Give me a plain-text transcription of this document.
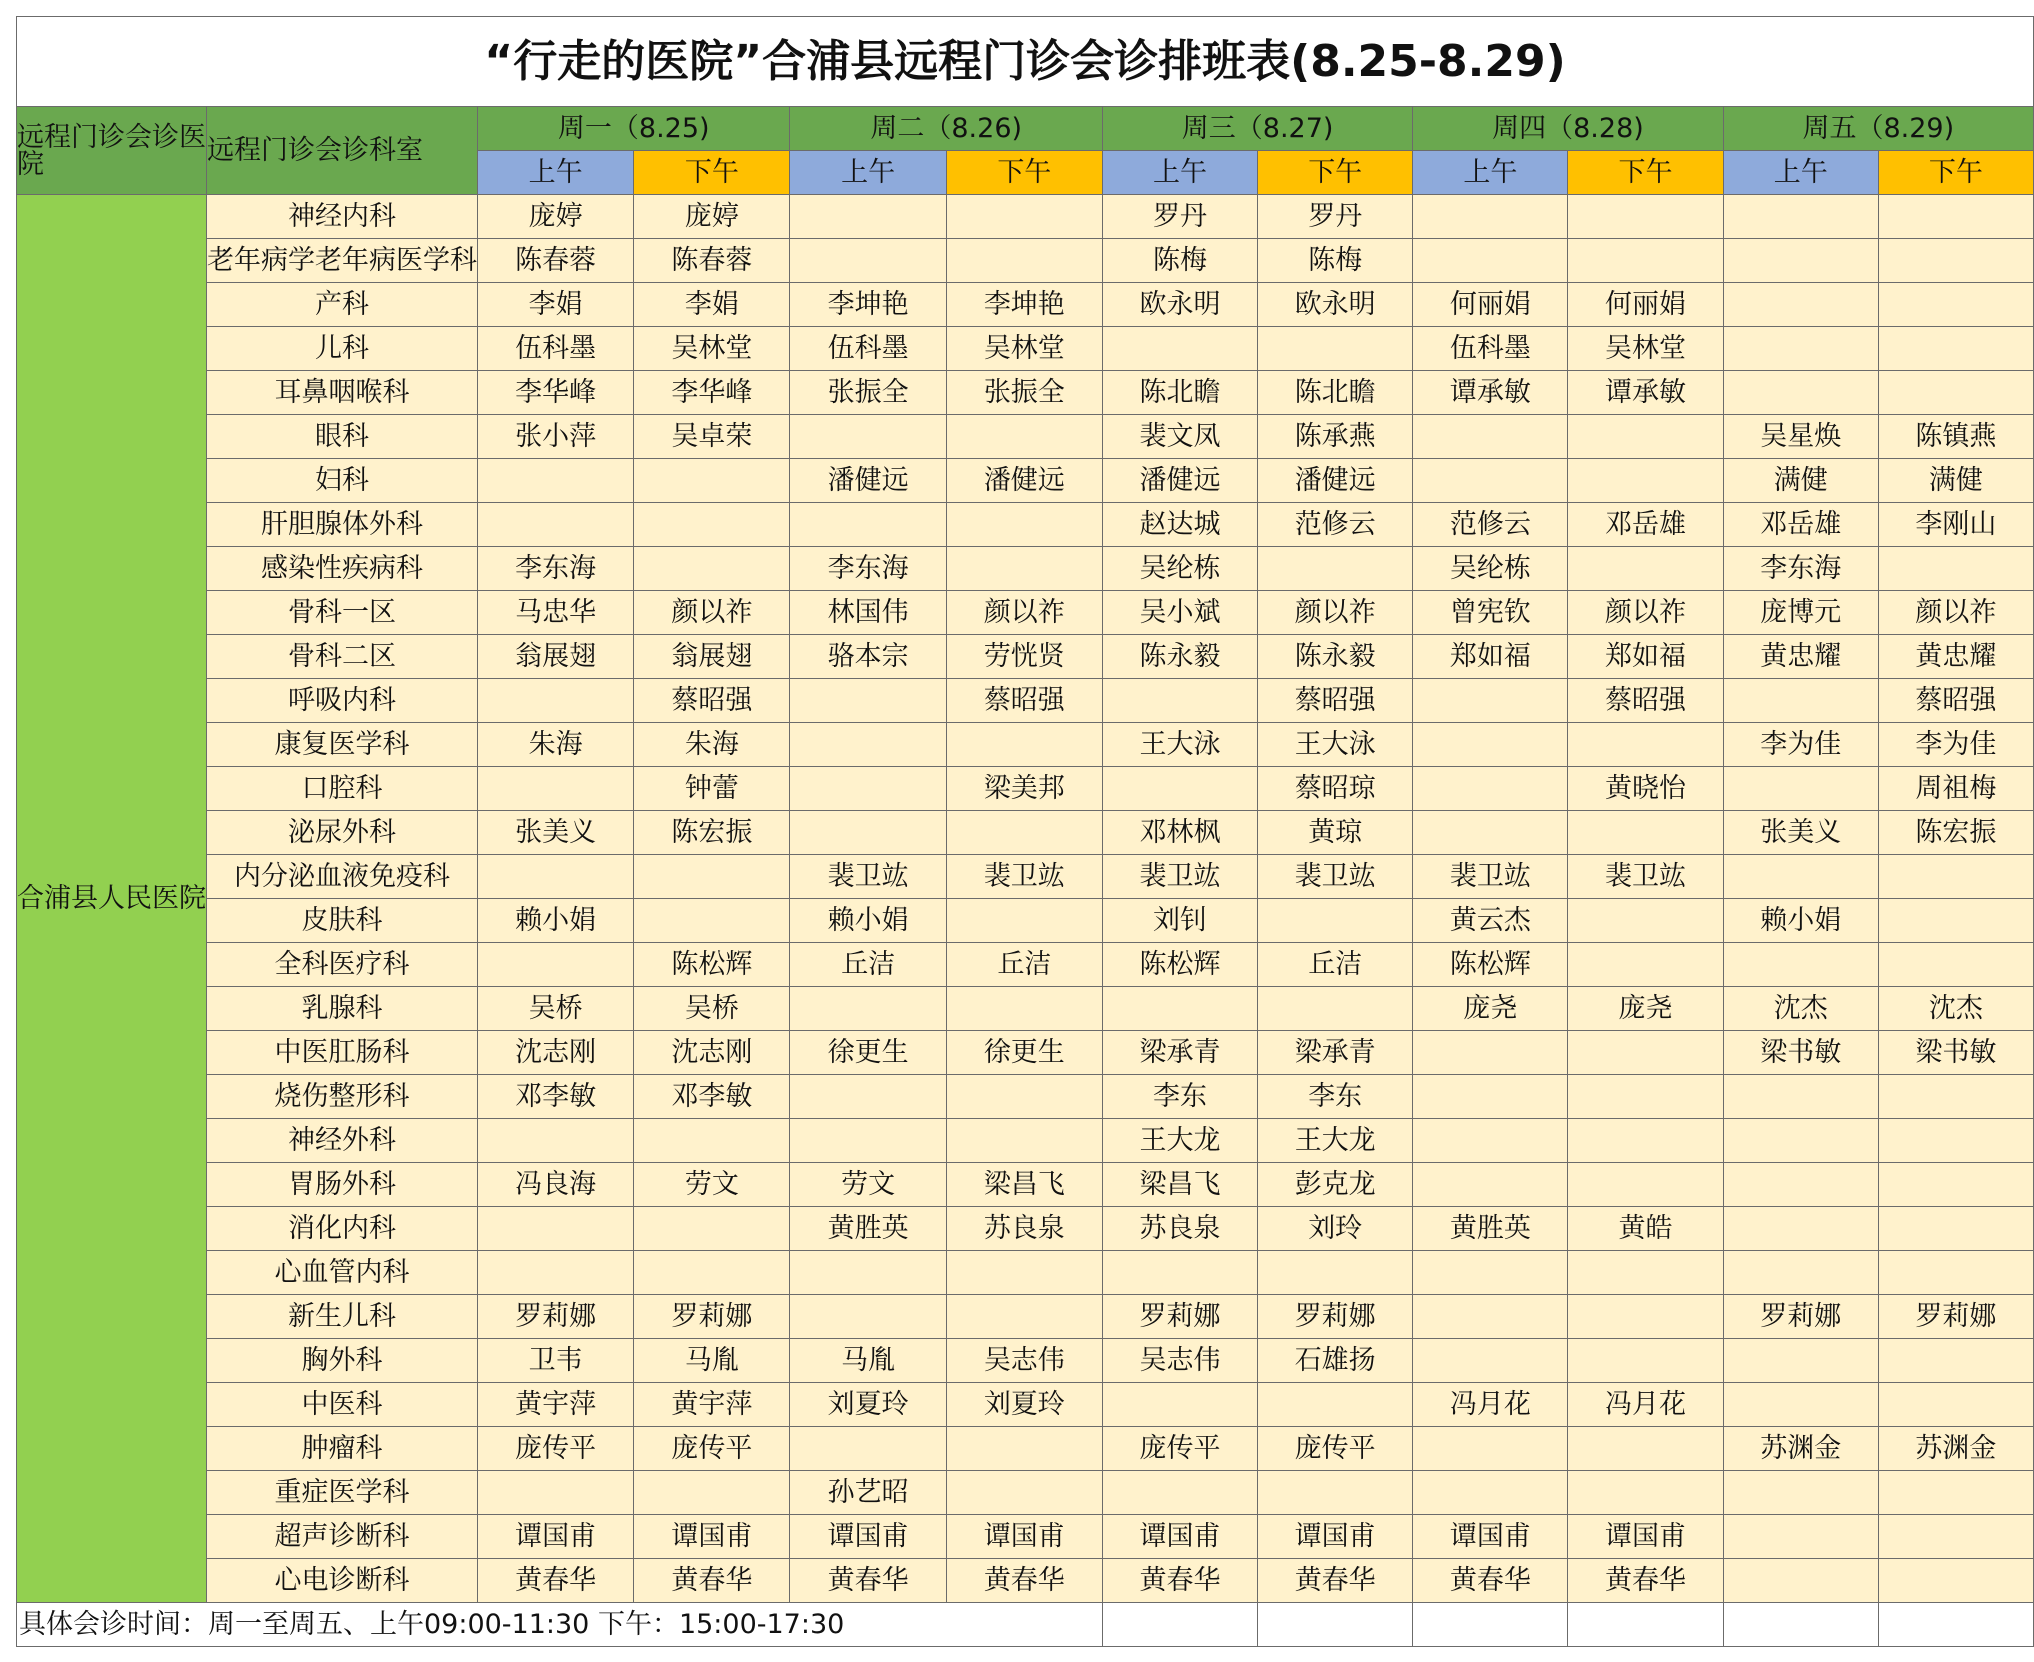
“行走的医院”合浦县远程门诊会诊排班表(8.25-8.29)											
远程门诊会诊医院	远程门诊会诊科室	周一（8.25)		周二（8.26)		周三（8.27)		周四（8.28)		周五（8.29)	
		上午	下午	上午	下午	上午	下午	上午	下午	上午	下午
合浦县人民医院	神经内科	庞婷	庞婷			罗丹	罗丹				

	老年病学老年病医学科	陈春蓉	陈春蓉			陈梅	陈梅				

	产科	李娟	李娟	李坤艳	李坤艳	欧永明	欧永明	何丽娟	何丽娟		

	儿科	伍科墨	吴林堂	伍科墨	吴林堂			伍科墨	吴林堂		

	耳鼻咽喉科	李华峰	李华峰	张振全	张振全	陈北瞻	陈北瞻	谭承敏	谭承敏		

	眼科	张小萍	吴卓荣			裴文凤	陈承燕			吴星焕	陈镇燕

	妇科			潘健远	潘健远	潘健远	潘健远			满健	满健

	肝胆腺体外科					赵达城	范修云	范修云	邓岳雄	邓岳雄	李刚山

	感染性疾病科	李东海		李东海		吴纶栋		吴纶栋		李东海	

	骨科一区	马忠华	颜以祚	林国伟	颜以祚	吴小斌	颜以祚	曾宪钦	颜以祚	庞博元	颜以祚

	骨科二区	翁展翅	翁展翅	骆本宗	劳恍贤	陈永毅	陈永毅	郑如福	郑如福	黄忠耀	黄忠耀

	呼吸内科		蔡昭强		蔡昭强		蔡昭强		蔡昭强		蔡昭强

	康复医学科	朱海	朱海			王大泳	王大泳			李为佳	李为佳

	口腔科		钟蕾		梁美邦		蔡昭琼		黄晓怡		周祖梅

	泌尿外科	张美义	陈宏振			邓林枫	黄琼			张美义	陈宏振

	内分泌血液免疫科			裴卫竑	裴卫竑	裴卫竑	裴卫竑	裴卫竑	裴卫竑		

	皮肤科	赖小娟		赖小娟		刘钊		黄云杰		赖小娟	

	全科医疗科		陈松辉	丘洁	丘洁	陈松辉	丘洁	陈松辉			

	乳腺科	吴桥	吴桥					庞尧	庞尧	沈杰	沈杰

	中医肛肠科	沈志刚	沈志刚	徐更生	徐更生	梁承青	梁承青			梁书敏	梁书敏

	烧伤整形科	邓李敏	邓李敏			李东	李东				

	神经外科					王大龙	王大龙				

	胃肠外科	冯良海	劳文	劳文	梁昌飞	梁昌飞	彭克龙				

	消化内科			黄胜英	苏良泉	苏良泉	刘玲	黄胜英	黄皓		

	心血管内科										

	新生儿科	罗莉娜	罗莉娜			罗莉娜	罗莉娜			罗莉娜	罗莉娜

	胸外科	卫韦	马胤	马胤	吴志伟	吴志伟	石雄扬				

	中医科	黄宇萍	黄宇萍	刘夏玲	刘夏玲			冯月花	冯月花		

	肿瘤科	庞传平	庞传平			庞传平	庞传平			苏渊金	苏渊金

	重症医学科			孙艺昭							

	超声诊断科	谭国甫	谭国甫	谭国甫	谭国甫	谭国甫	谭国甫	谭国甫	谭国甫		

	心电诊断科	黄春华	黄春华	黄春华	黄春华	黄春华	黄春华	黄春华	黄春华		
具体会诊时间：周一至周五、上午09:00-11:30 下午：15:00-17:30											
